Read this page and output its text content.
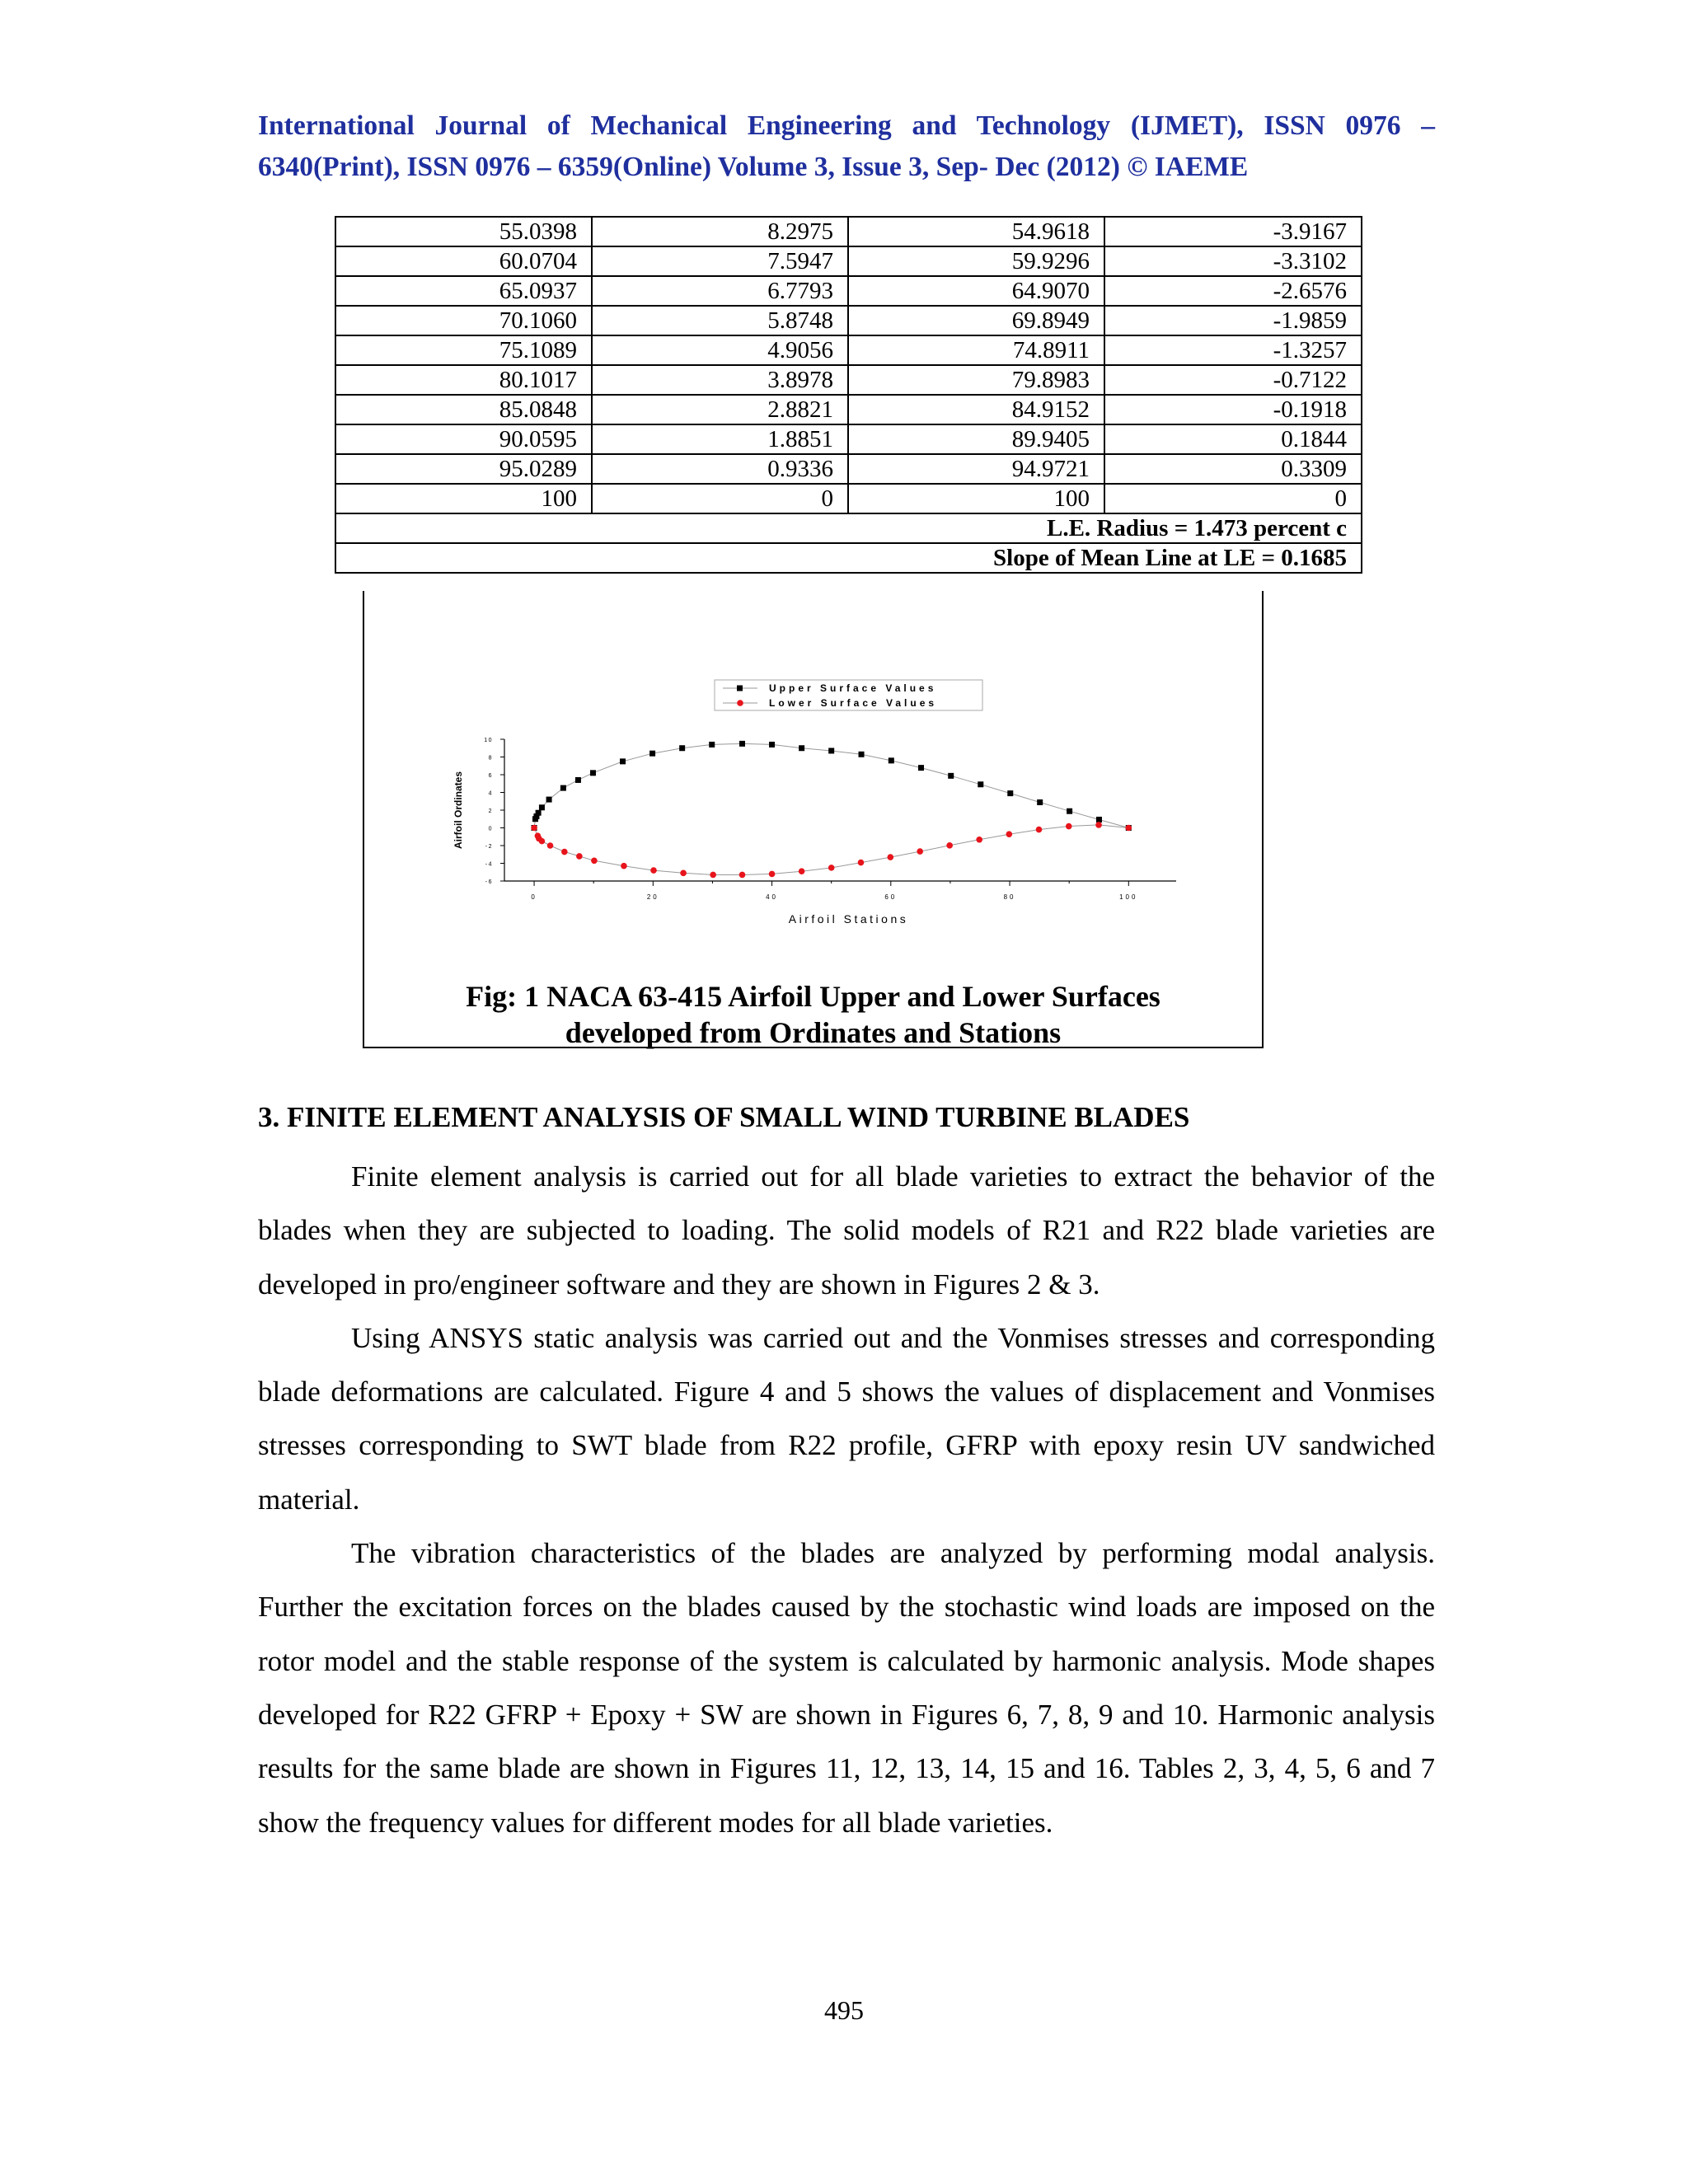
International Journal of Mechanical Engineering and Technology (IJMET), ISSN 0976 – 6340(Print), ISSN 0976 – 6359(Online) Volume 3, Issue 3, Sep- Dec (2012) © IAEME
55.0398	8.2975	54.9618	-3.9167
60.0704	7.5947	59.9296	-3.3102
65.0937	6.7793	64.9070	-2.6576
70.1060	5.8748	69.8949	-1.9859
75.1089	4.9056	74.8911	-1.3257
80.1017	3.8978	79.8983	-0.7122
85.0848	2.8821	84.9152	-0.1918
90.0595	1.8851	89.9405	0.1844
95.0289	0.9336	94.9721	0.3309
100	0	100	0
L.E. Radius = 1.473 percent c			
Slope of Mean Line at LE = 0.1685			
10
8
6
4
2
0
-2
-4
-6
0	20	40	60	80	100
Airfoil Stations
Airfoil Ordinates
Upper Surface Values
Lower Surface Values
Fig: 1 NACA 63-415 Airfoil Upper and Lower Surfaces
developed from Ordinates and Stations
3. FINITE ELEMENT ANALYSIS OF SMALL WIND TURBINE BLADES

Finite element analysis is carried out for all blade varieties to extract the behavior of the blades when they are subjected to loading. The solid models of R21 and R22 blade varieties are developed in pro/engineer software and they are shown in Figures 2 & 3.

Using ANSYS static analysis was carried out and the Vonmises stresses and corresponding blade deformations are calculated. Figure 4 and 5 shows the values of displacement and Vonmises stresses corresponding to SWT blade from R22 profile, GFRP with epoxy resin UV sandwiched material.

The vibration characteristics of the blades are analyzed by performing modal analysis. Further the excitation forces on the blades caused by the stochastic wind loads are imposed on the rotor model and the stable response of the system is calculated by harmonic analysis. Mode shapes developed for R22 GFRP + Epoxy + SW are shown in Figures 6, 7, 8, 9 and 10. Harmonic analysis results for the same blade are shown in Figures 11, 12, 13, 14, 15 and 16. Tables 2, 3, 4, 5, 6 and 7 show the frequency values for different modes for all blade varieties.

495
